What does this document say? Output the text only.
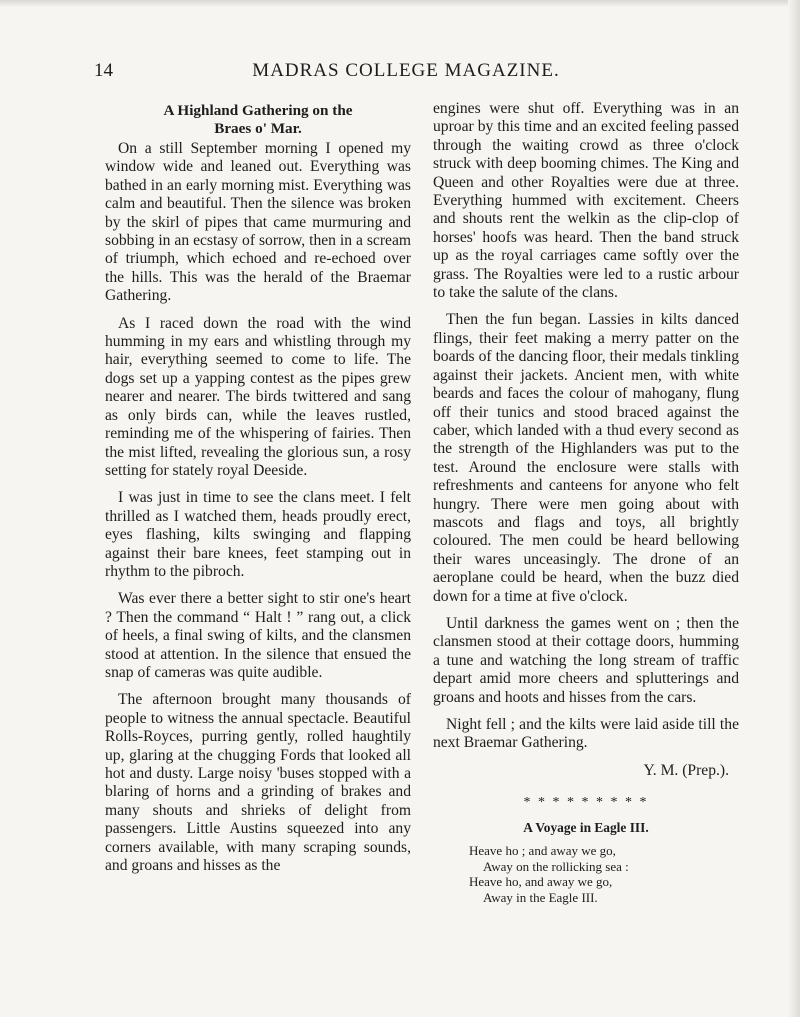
14	MADRAS COLLEGE MAGAZINE.
A Highland Gathering on the
Braes o' Mar.

On a still September morning I opened my window wide and leaned out. Everything was bathed in an early morning mist. Everything was calm and beautiful. Then the silence was broken by the skirl of pipes that came murmuring and sobbing in an ecstasy of sorrow, then in a scream of triumph, which echoed and re-echoed over the hills. This was the herald of the Braemar Gathering.

As I raced down the road with the wind humming in my ears and whistling through my hair, everything seemed to come to life. The dogs set up a yapping contest as the pipes grew nearer and nearer. The birds twittered and sang as only birds can, while the leaves rustled, reminding me of the whispering of fairies. Then the mist lifted, revealing the glorious sun, a rosy setting for stately royal Deeside.

I was just in time to see the clans meet. I felt thrilled as I watched them, heads proudly erect, eyes flashing, kilts swinging and flapping against their bare knees, feet stamping out in rhythm to the pibroch.

Was ever there a better sight to stir one's heart ? Then the command “ Halt ! ” rang out, a click of heels, a final swing of kilts, and the clansmen stood at attention. In the silence that ensued the snap of cameras was quite audible.

The afternoon brought many thousands of people to witness the annual spectacle. Beautiful Rolls-Royces, purring gently, rolled haughtily up, glaring at the chugging Fords that looked all hot and dusty. Large noisy 'buses stopped with a blaring of horns and a grinding of brakes and many shouts and shrieks of delight from passengers. Little Austins squeezed into any corners available, with many scraping sounds, and groans and hisses as the

engines were shut off. Everything was in an uproar by this time and an excited feeling passed through the waiting crowd as three o'clock struck with deep booming chimes. The King and Queen and other Royalties were due at three. Everything hummed with excitement. Cheers and shouts rent the welkin as the clip-clop of horses' hoofs was heard. Then the band struck up as the royal carriages came softly over the grass. The Royalties were led to a rustic arbour to take the salute of the clans.

Then the fun began. Lassies in kilts danced flings, their feet making a merry patter on the boards of the dancing floor, their medals tinkling against their jackets. Ancient men, with white beards and faces the colour of mahogany, flung off their tunics and stood braced against the caber, which landed with a thud every second as the strength of the Highlanders was put to the test. Around the enclosure were stalls with refreshments and canteens for anyone who felt hungry. There were men going about with mascots and flags and toys, all brightly coloured. The men could be heard bellowing their wares unceasingly. The drone of an aeroplane could be heard, when the buzz died down for a time at five o'clock.

Until darkness the games went on ; then the clansmen stood at their cottage doors, humming a tune and watching the long stream of traffic depart amid more cheers and splutterings and groans and hoots and hisses from the cars.

Night fell ; and the kilts were laid aside till the next Braemar Gathering.

Y. M. (Prep.).
* * * * * * * * *
A Voyage in Eagle III.
Heave ho ; and away we go,
Away on the rollicking sea :
Heave ho, and away we go,
Away in the Eagle III.
